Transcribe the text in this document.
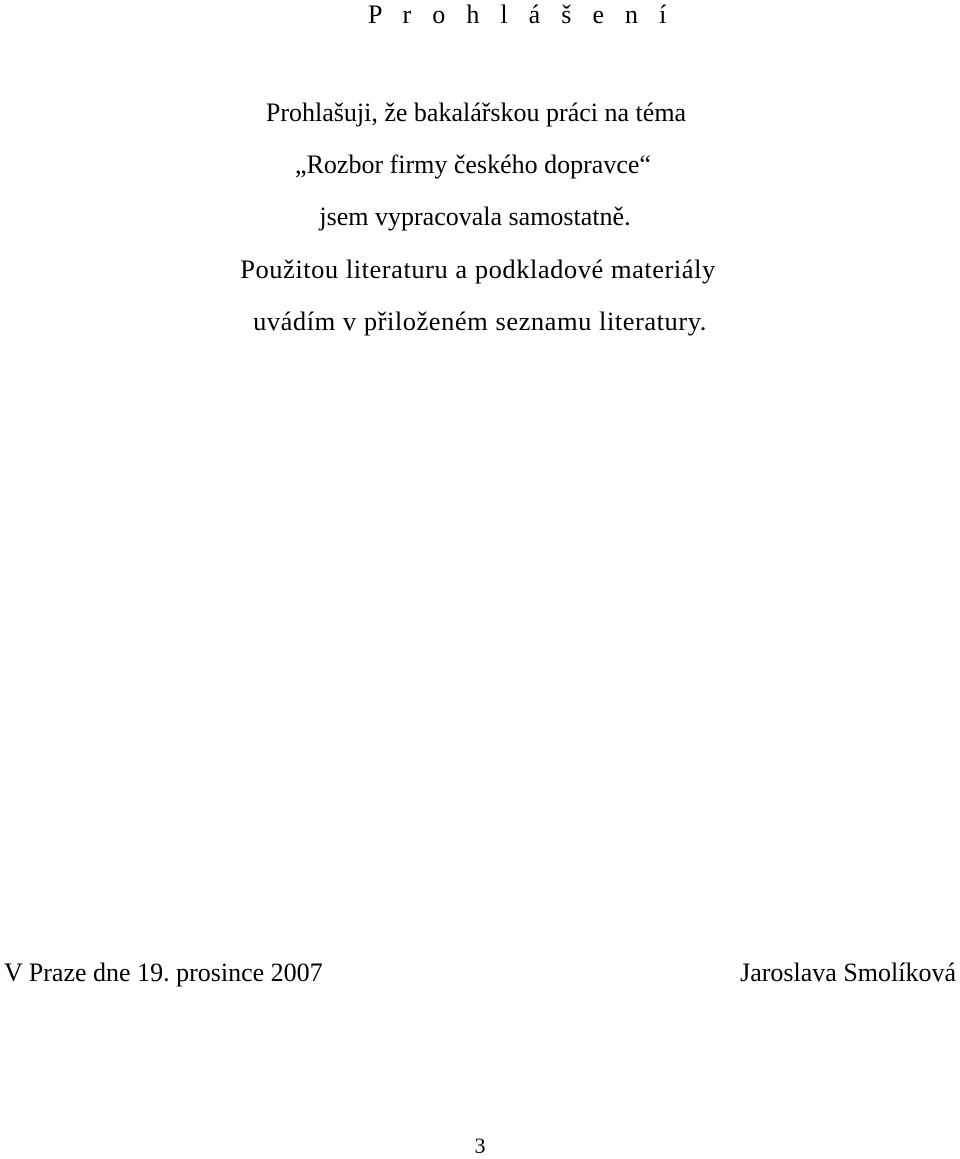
P r o h l á š e n í
Prohlašuji, že bakalářskou práci na téma
„Rozbor firmy českého dopravce“
jsem vypracovala samostatně.
Použitou literaturu a podkladové materiály
uvádím v přiloženém seznamu literatury.
V Praze dne 19. prosince 2007	Jaroslava Smolíková
3
